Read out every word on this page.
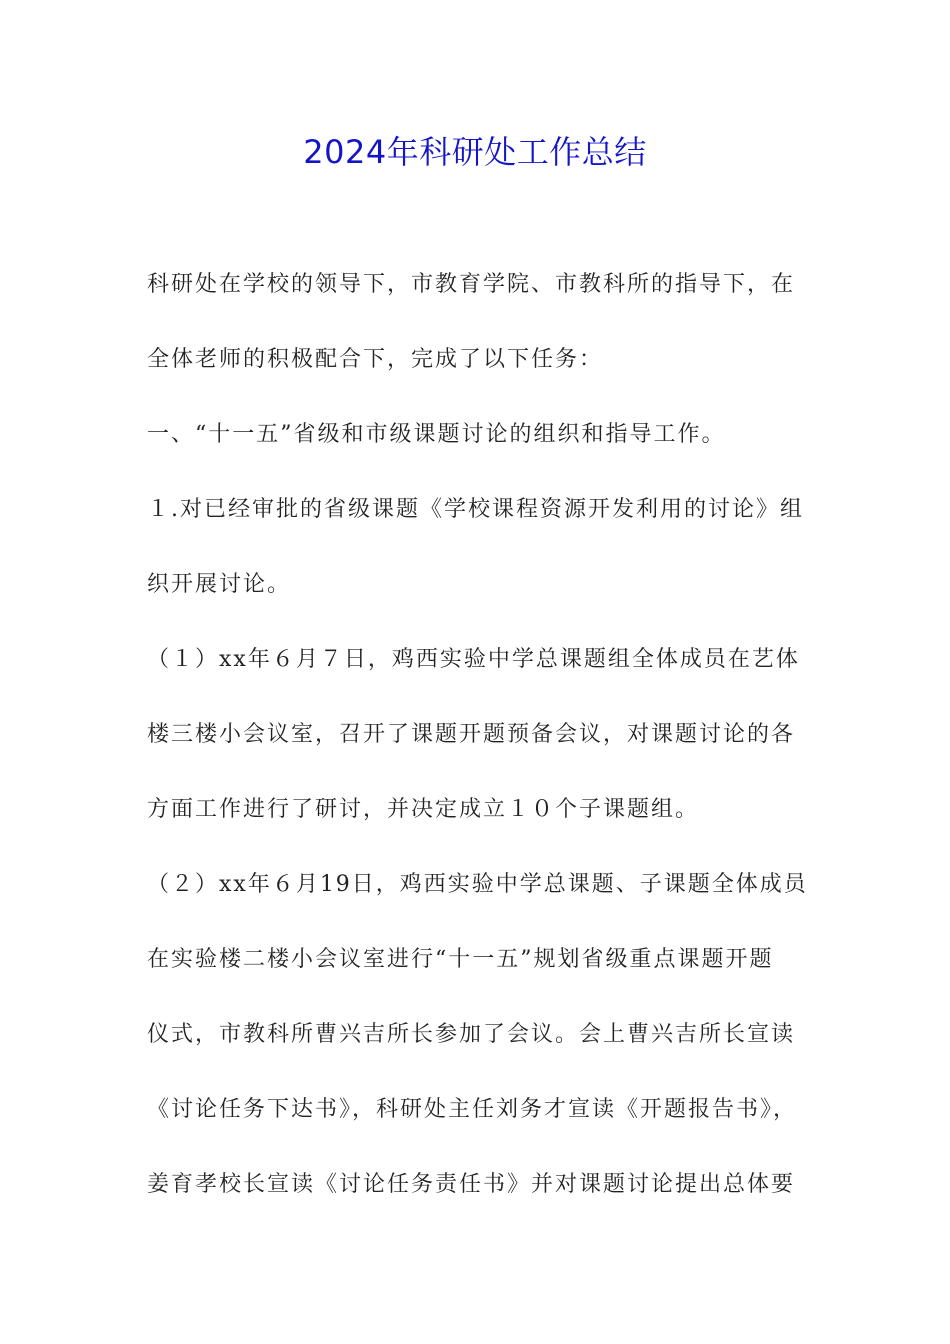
2024年科研处工作总结
科研处在学校的领导下，市教育学院、市教科所的指导下，在
全体老师的积极配合下，完成了以下任务：
一、“十一五”省级和市级课题讨论的组织和指导工作。
１.对已经审批的省级课题《学校课程资源开发利用的讨论》组
织开展讨论。
（１）xx年６月７日，鸡西实验中学总课题组全体成员在艺体
楼三楼小会议室，召开了课题开题预备会议，对课题讨论的各
方面工作进行了研讨，并决定成立１０个子课题组。
（２）xx年６月19日，鸡西实验中学总课题、子课题全体成员
在实验楼二楼小会议室进行“十一五”规划省级重点课题开题
仪式，市教科所曹兴吉所长参加了会议。会上曹兴吉所长宣读
《讨论任务下达书》，科研处主任刘务才宣读《开题报告书》，
姜育孝校长宣读《讨论任务责任书》并对课题讨论提出总体要
